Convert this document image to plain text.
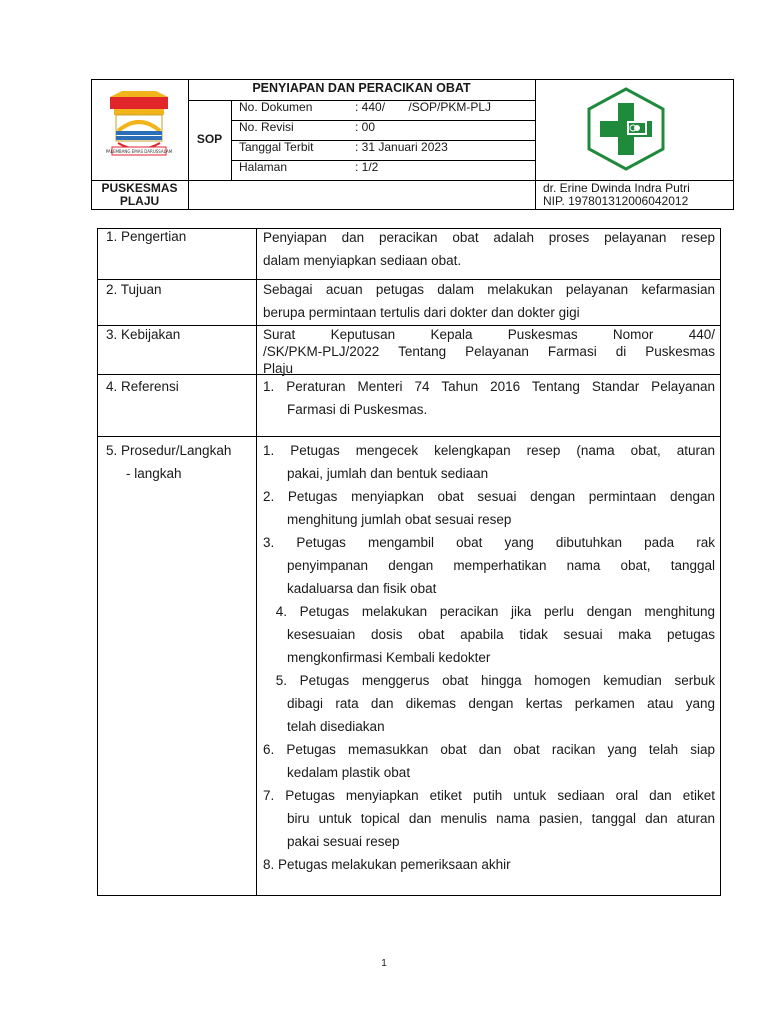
PALEMBANG EMAS DARUSSALAM
PENYIAPAN DAN PERACIKAN OBAT
SOP
No. Dokumen	: 440/       /SOP/PKM-PLJ
No. Revisi	: 00
Tanggal Terbit	: 31 Januari 2023
Halaman	: 1/2
PUSKESMAS
PLAJU
dr. Erine Dwinda Indra Putri
NIP. 197801312006042012
1. Pengertian	Penyiapan dan peracikan obat adalah proses pelayanan resep
dalam menyiapkan sediaan obat.
2. Tujuan	Sebagai acuan petugas dalam melakukan pelayanan kefarmasian
berupa permintaan tertulis dari dokter dan dokter gigi
3. Kebijakan	Surat Keputusan Kepala Puskesmas Nomor 440/
/SK/PKM-PLJ/2022 Tentang Pelayanan Farmasi di Puskesmas
Plaju
4. Referensi	1. Peraturan Menteri 74 Tahun 2016 Tentang Standar Pelayanan
Farmasi di Puskesmas.
5. Prosedur/Langkah
- langkah
1. Petugas mengecek kelengkapan resep (nama obat, aturan
pakai, jumlah dan bentuk sediaan
2. Petugas menyiapkan obat sesuai dengan permintaan dengan
menghitung jumlah obat sesuai resep
3. Petugas mengambil obat yang dibutuhkan pada rak
penyimpanan dengan memperhatikan nama obat, tanggal
kadaluarsa dan fisik obat
4. Petugas melakukan peracikan jika perlu dengan menghitung
kesesuaian dosis obat apabila tidak sesuai maka petugas
mengkonfirmasi Kembali kedokter
5. Petugas menggerus obat hingga homogen kemudian serbuk
dibagi rata dan dikemas dengan kertas perkamen atau yang
telah disediakan
6. Petugas memasukkan obat dan obat racikan yang telah siap
kedalam plastik obat
7. Petugas menyiapkan etiket putih untuk sediaan oral dan etiket
biru untuk topical dan menulis nama pasien, tanggal dan aturan
pakai sesuai resep
8. Petugas melakukan pemeriksaan akhir
1
